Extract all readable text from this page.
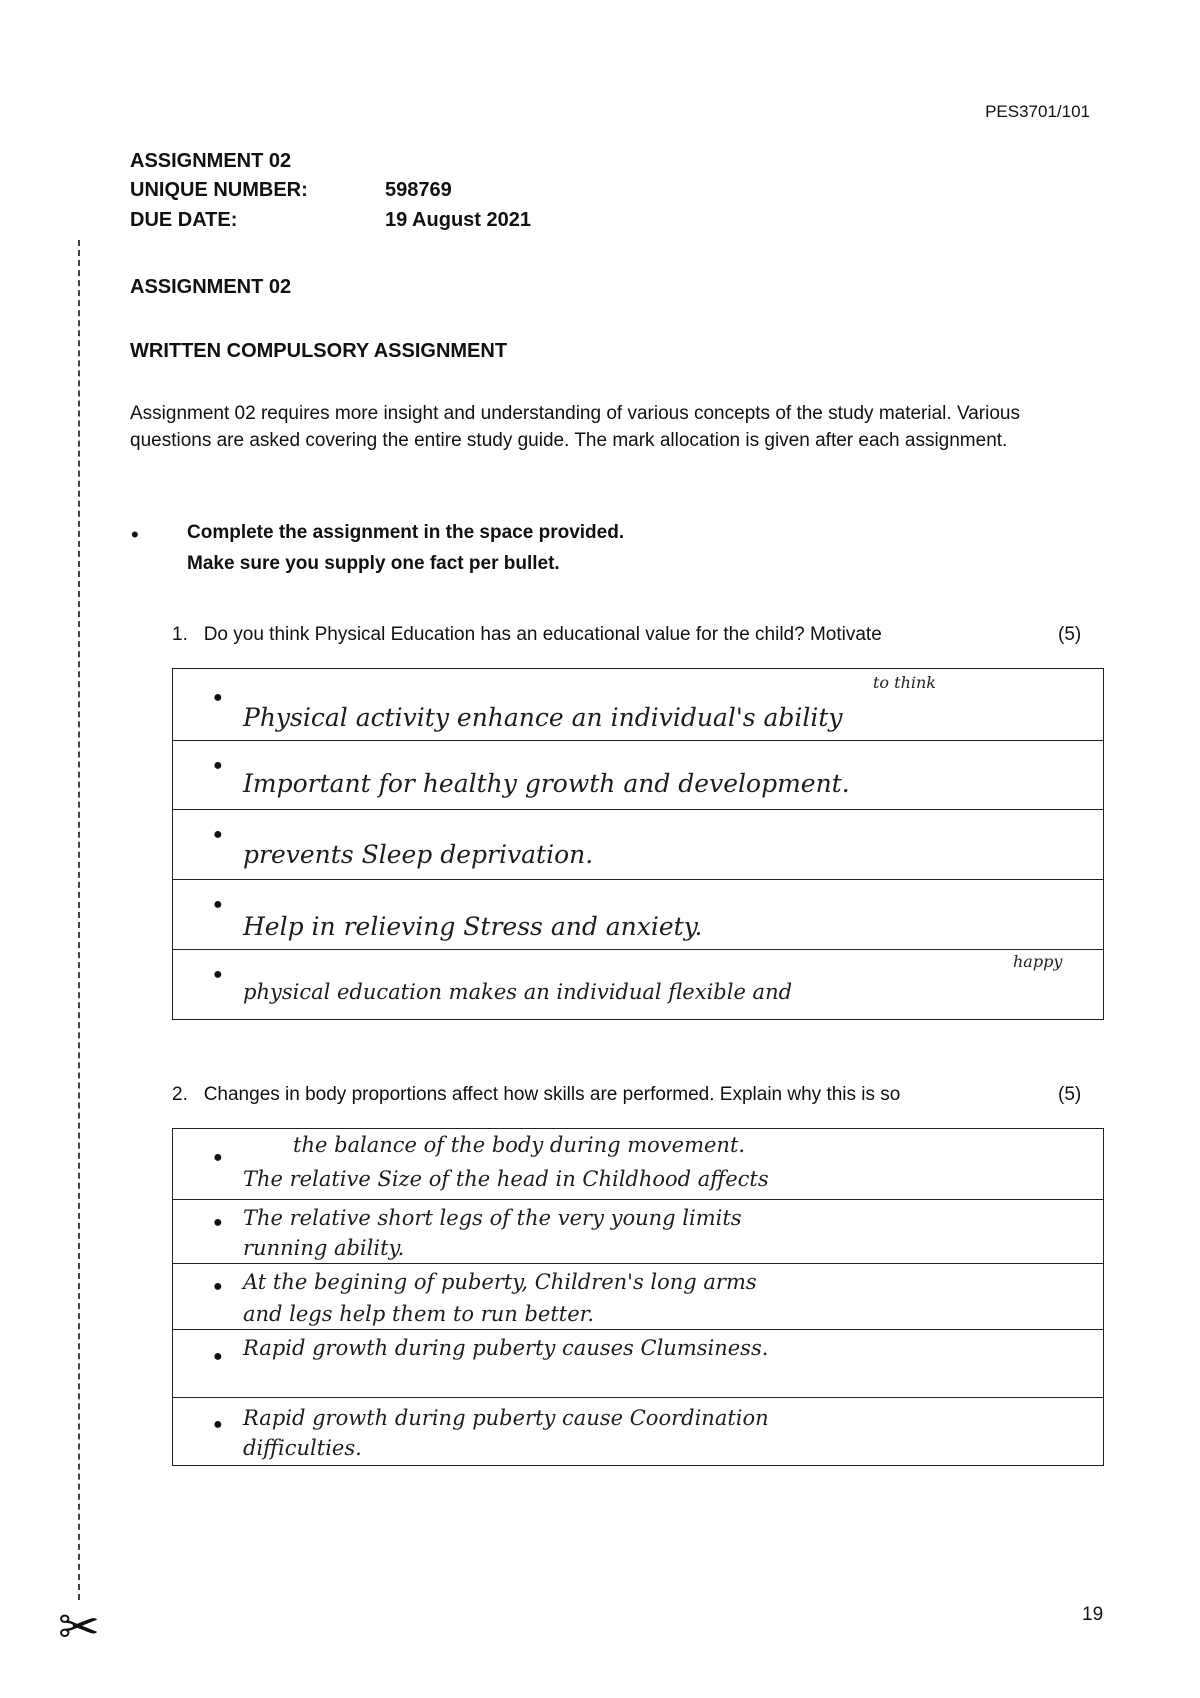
PES3701/101
ASSIGNMENT 02
UNIQUE NUMBER:	598769
DUE DATE:	19 August 2021
ASSIGNMENT 02
WRITTEN COMPULSORY ASSIGNMENT
Assignment 02 requires more insight and understanding of various concepts of the study material. Various questions are asked covering the entire study guide. The mark allocation is given after each assignment.
•	Complete the assignment in the space provided.
Make sure you supply one fact per bullet.
1. Do you think Physical Education has an educational value for the child? Motivate	(5)
●
to think
Physical activity enhance an individual's ability
●
Important for healthy growth and development.
●
prevents Sleep deprivation.
●
Help in relieving Stress and anxiety.
●
happy
physical education makes an individual flexible and
2. Changes in body proportions affect how skills are performed. Explain why this is so	(5)
●
the balance of the body during movement.
The relative Size of the head in Childhood affects
● The relative short legs of the very young limits
running ability.
● At the begining of puberty, Children's long arms
and legs help them to run better.
● Rapid growth during puberty causes Clumsiness.
● Rapid growth during puberty cause Coordination
difficulties.
✂	19
